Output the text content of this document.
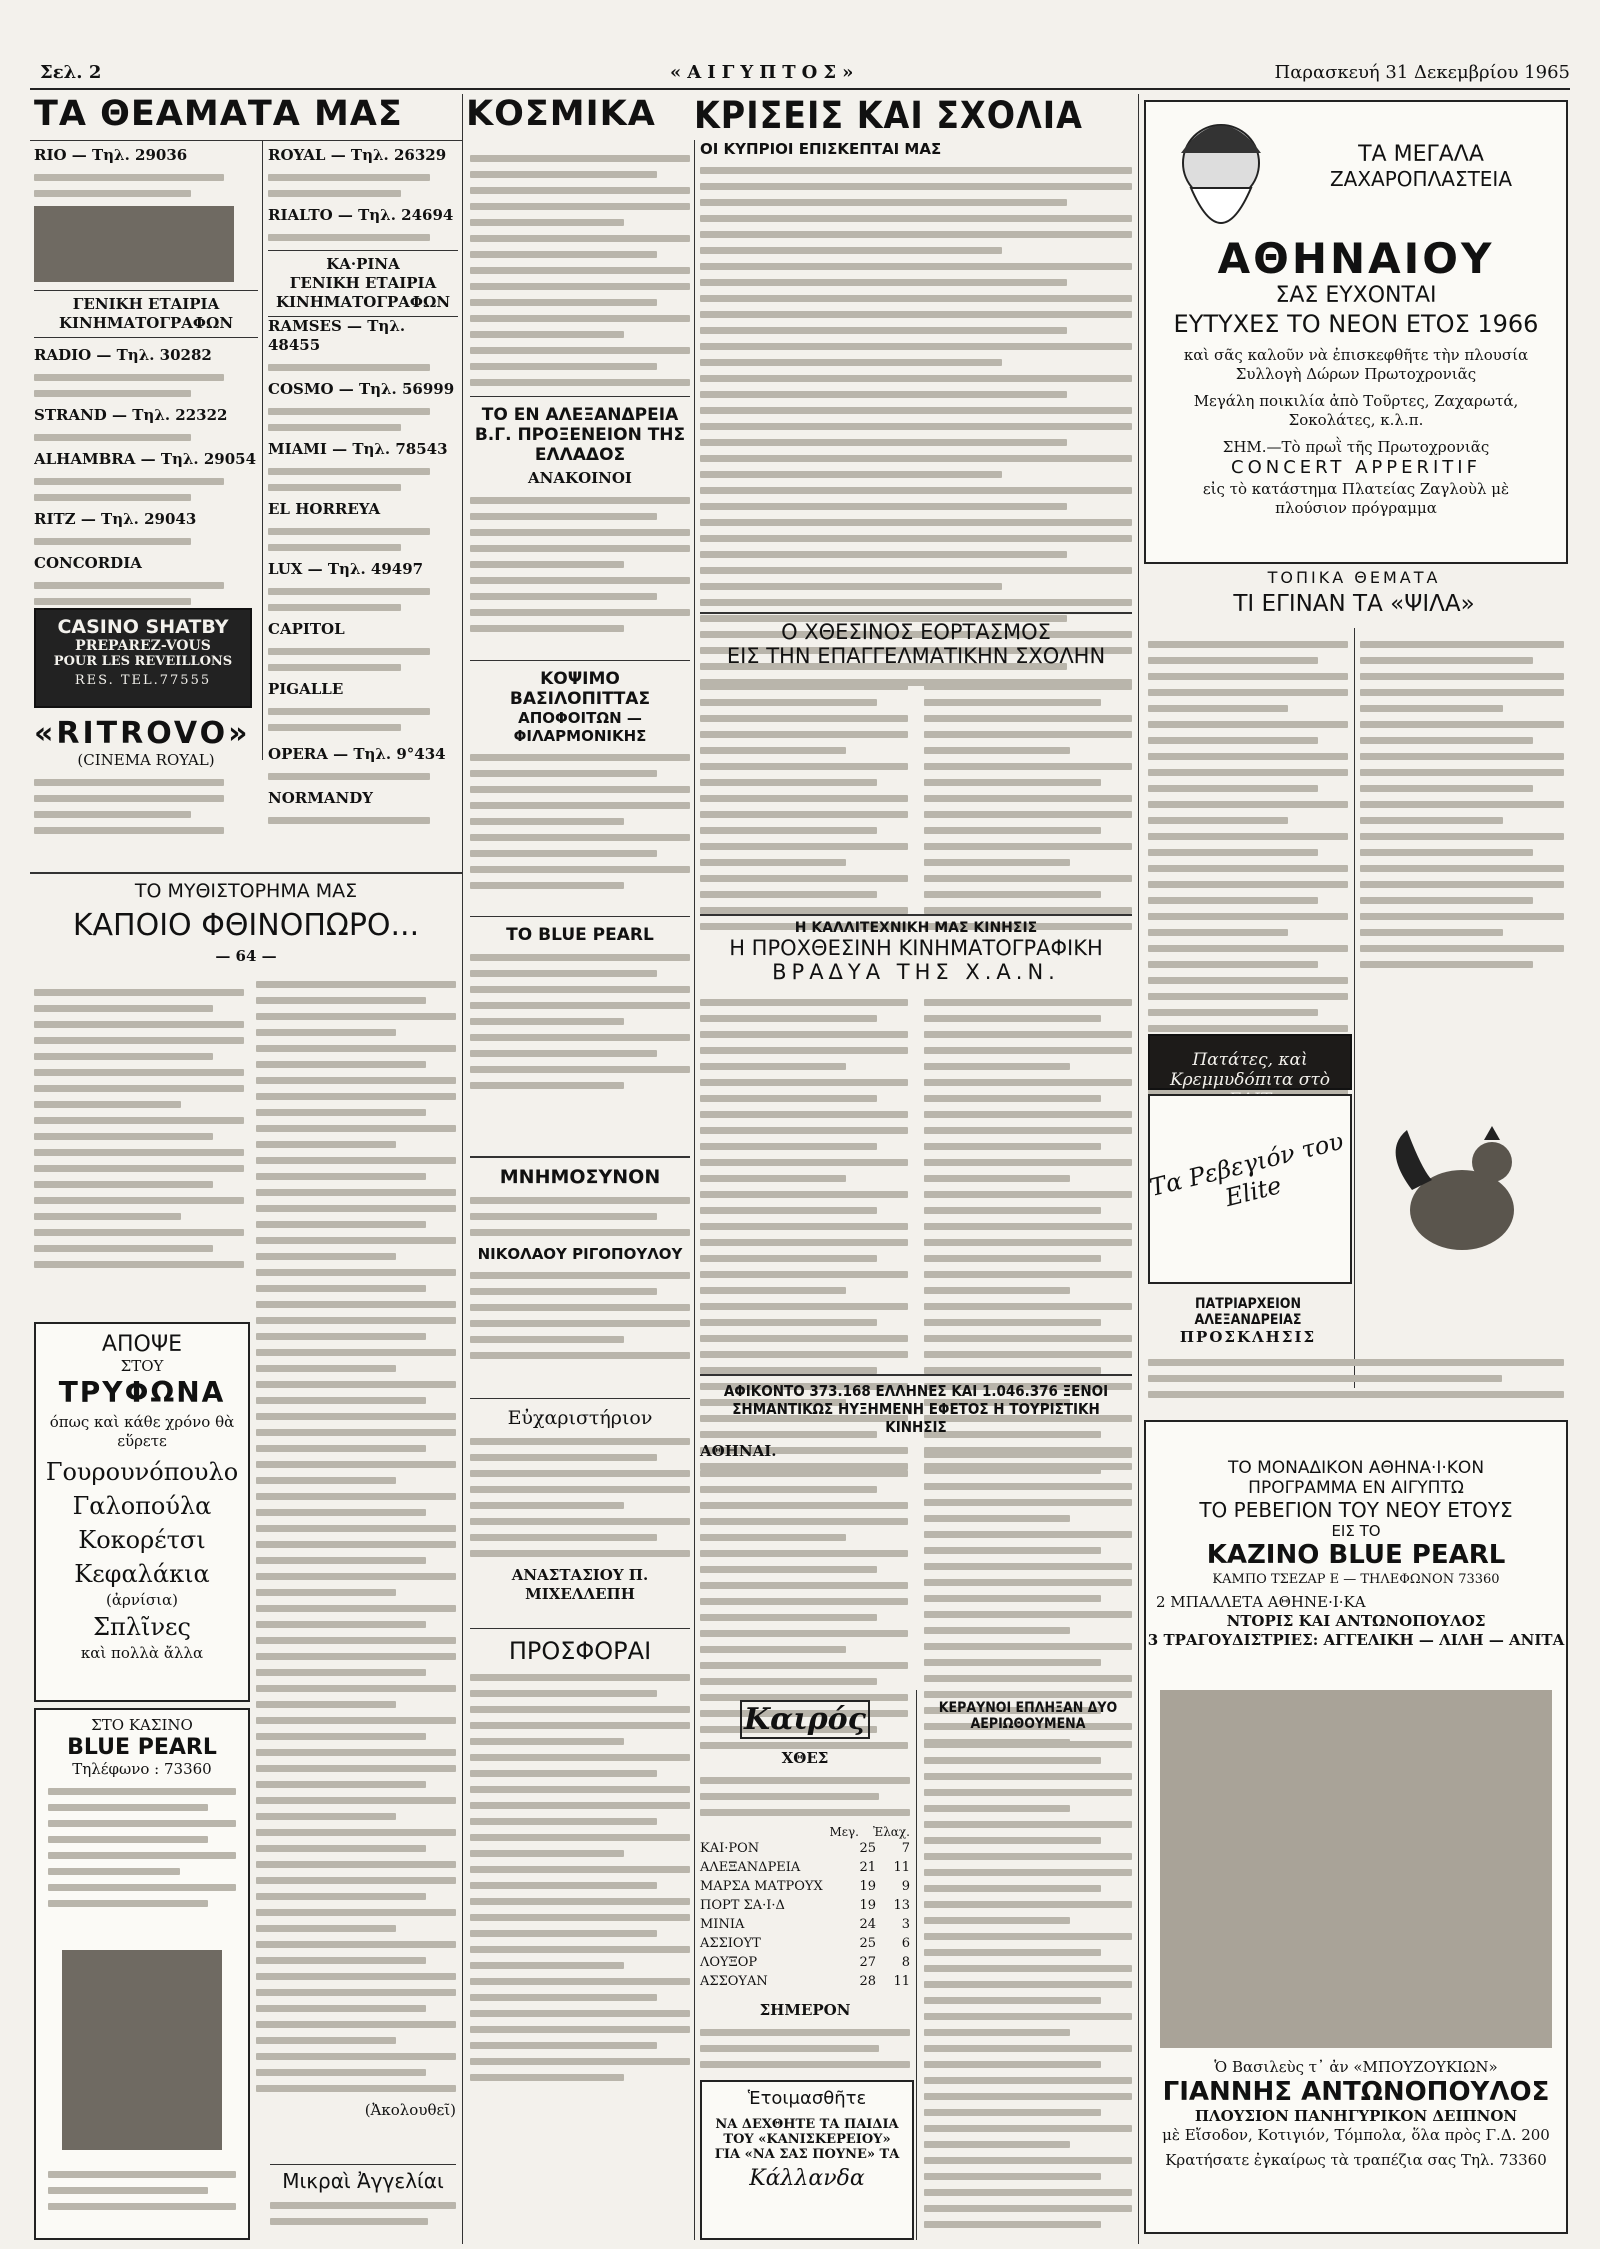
Σελ. 2	«ΑΙΓΥΠΤΟΣ»	Παρασκευή 31 Δεκεμβρίου 1965
ΤΑ ΘΕΑΜΑΤΑ ΜΑΣ ΚΟΣΜΙΚΑ ΚΡΙΣΕΙΣ ΚΑΙ ΣΧΟΛΙΑ
RIO — Τηλ. 29036
ΓΕΝΙΚΗ ΕΤΑΙΡΙΑ ΚΙΝΗΜΑΤΟΓΡΑΦΩΝ
RADIO — Τηλ. 30282
STRAND — Τηλ. 22322
ALHAMBRA — Τηλ. 29054
RITZ — Τηλ. 29043
CONCORDIA
CASINO SHATBY
PREPAREZ-VOUS
POUR LES REVEILLONS
RES. TEL.77555
«RITROVO»
(CINEMA ROYAL)
ROYAL — Τηλ. 26329
RIALTO — Τηλ. 24694
ΚΑ·ΡΙΝΑ
ΓΕΝΙΚΗ ΕΤΑΙΡΙΑ ΚΙΝΗΜΑΤΟΓΡΑΦΩΝ
RAMSES — Τηλ. 48455
COSMO — Τηλ. 56999
MIAMI — Τηλ. 78543
EL HORREYA
LUX — Τηλ. 49497
CAPITOL
PIGALLE
OPERA — Τηλ. 9°434
NORMANDY
ΤΟ ΜΥΘΙΣΤΟΡΗΜΑ ΜΑΣ
ΚΑΠΟΙΟ ΦΘΙΝΟΠΩΡΟ...
— 64 —
(Ἀκολουθεῖ)
ΑΠΟΨΕ
ΣΤΟΥ
ΤΡΥΦΩΝΑ
όπως καὶ κάθε χρόνο θὰ εὕρετε
Γουρουνόπουλο
Γαλοπούλα
Κοκορέτσι
Κεφαλάκια
(ἀρνίσια)
Σπλῖνες
καὶ πολλὰ ἄλλα
ΣΤΟ ΚΑΣΙΝΟ
BLUE PEARL
Τηλέφωνο : 73360
ΤΟ ΕΝ ΑΛΕΞΑΝΔΡΕΙΑ Β.Γ. ΠΡΟΞΕΝΕΙΟΝ ΤΗΣ ΕΛΛΑΔΟΣ
ΑΝΑΚΟΙΝΟΙ
ΚΟΨΙΜΟ ΒΑΣΙΛΟΠΙΤΤΑΣ
ΑΠΟΦΟΙΤΩΝ — ΦΙΛΑΡΜΟΝΙΚΗΣ
ΤΟ BLUE PEARL
ΜΝΗΜΟΣΥΝΟΝ
ΝΙΚΟΛΑΟΥ ΡΙΓΟΠΟΥΛΟΥ
Εὐχαριστήριον
ΑΝΑΣΤΑΣΙΟΥ Π. ΜΙΧΕΛΛΕΠΗ
ΠΡΟΣΦΟΡΑΙ
Μικραὶ Ἀγγελίαι
ΟΙ ΚΥΠΡΙΟΙ ΕΠΙΣΚΕΠΤΑΙ ΜΑΣ
Ο ΧΘΕΣΙΝΟΣ ΕΟΡΤΑΣΜΟΣ
ΕΙΣ ΤΗΝ ΕΠΑΓΓΕΛΜΑΤΙΚΗΝ ΣΧΟΛΗΝ
Η ΚΑΛΛΙΤΕΧΝΙΚΗ ΜΑΣ ΚΙΝΗΣΙΣ
Η ΠΡΟΧΘΕΣΙΝΗ ΚΙΝΗΜΑΤΟΓΡΑΦΙΚΗ
ΒΡΑΔΥΑ ΤΗΣ Χ.Α.Ν.
ΑΦΙΚΟΝΤΟ 373.168 ΕΛΛΗΝΕΣ ΚΑΙ 1.046.376 ΞΕΝΟΙ
ΣΗΜΑΝΤΙΚΩΣ ΗΥΞΗΜΕΝΗ ΕΦΕΤΟΣ Η ΤΟΥΡΙΣΤΙΚΗ ΚΙΝΗΣΙΣ
ΑΘΗΝΑΙ.
Καιρός
ΧΘΕΣ
Μεγ. Ἐλαχ.
ΚΑΙ·ΡΟΝ	25	7
ΑΛΕΞΑΝΔΡΕΙΑ	21	11
ΜΑΡΣΑ ΜΑΤΡΟΥΧ	19	9
ΠΟΡΤ ΣΑ·Ι·Δ	19	13
ΜΙΝΙΑ	24	3
ΑΣΣΙΟΥΤ	25	6
ΛΟΥΞΟΡ	27	8
ΑΣΣΟΥΑΝ	28	11
ΣΗΜΕΡΟΝ
Ἑτοιμασθῆτε
ΝΑ ΔΕΧΘΗΤΕ ΤΑ ΠΑΙΔΙΑ
ΤΟΥ «ΚΑΝΙΣΚΕΡΕΙΟΥ»
ΓΙΑ «ΝΑ ΣΑΣ ΠΟΥΝΕ» ΤΑ
Κάλλανδα
ΚΕΡΑΥΝΟΙ ΕΠΛΗΞΑΝ ΔΥΟ ΑΕΡΙΩΘΟΥΜΕΝΑ
ΤΑ ΜΕΓΑΛΑ
ΖΑΧΑΡΟΠΛΑΣΤΕΙΑ
ΑΘΗΝΑΙΟΥ
ΣΑΣ ΕΥΧΟΝΤΑΙ
ΕΥΤΥΧΕΣ ΤΟ ΝΕΟΝ ΕΤΟΣ 1966
καὶ σᾶς καλοῦν νὰ ἐπισκεφθῆτε τὴν πλουσία Συλλογὴ Δώρων Πρωτοχρονιᾶς
Μεγάλη ποικιλία ἀπὸ Τοῦρτες, Ζαχαρωτά, Σοκολάτες, κ.λ.π.
ΣΗΜ.—Τὸ πρωῒ τῆς Πρωτοχρονιᾶς
CONCERT APPERITIF
εἰς τὸ κατάστημα Πλατείας Ζαγλοὺλ μὲ πλούσιον πρόγραμμα
ΤΟΠΙΚΑ ΘΕΜΑΤΑ
ΤΙ ΕΓΙΝΑΝ ΤΑ «ΨΙΛΑ»
Πατάτες, καὶ Κρεμμυδόπιτα στὸ
Τα Ρεβεγιόν του Elite
ΠΑΤΡΙΑΡΧΕΙΟΝ ΑΛΕΞΑΝΔΡΕΙΑΣ
ΠΡΟΣΚΛΗΣΙΣ
ΤΟ ΜΟΝΑΔΙΚΟΝ ΑΘΗΝΑ·Ι·ΚΟΝ
ΠΡΟΓΡΑΜΜΑ ΕΝ ΑΙΓΥΠΤΩ
ΤΟ ΡΕΒΕΓΙΟΝ ΤΟΥ ΝΕΟΥ ΕΤΟΥΣ
ΕΙΣ ΤΟ
ΚΑΖΙΝΟ BLUE PEARL
ΚΑΜΠΟ ΤΣΕΖΑΡ Ε — ΤΗΛΕΦΩΝΟΝ 73360
2 ΜΠΑΛΛΕΤΑ ΑΘΗΝΕ·Ι·ΚΑ
ΝΤΟΡΙΣ ΚΑΙ ΑΝΤΩΝΟΠΟΥΛΟΣ
3 ΤΡΑΓΟΥΔΙΣΤΡΙΕΣ: ΑΓΓΕΛΙΚΗ — ΛΙΛΗ — ΑΝΙΤΑ
Ὁ Βασιλεὺς τ᾽ ἀν «ΜΠΟΥΖΟΥΚΙΩΝ»
ΓΙΑΝΝΗΣ ΑΝΤΩΝΟΠΟΥΛΟΣ
ΠΛΟΥΣΙΟΝ ΠΑΝΗΓΥΡΙΚΟΝ ΔΕΙΠΝΟΝ
μὲ Εἴσοδον, Κοτιγιόν, Τόμπολα, ὅλα πρὸς Γ.Δ. 200
Κρατήσατε ἐγκαίρως τὰ τραπέζια σας Τηλ. 73360
